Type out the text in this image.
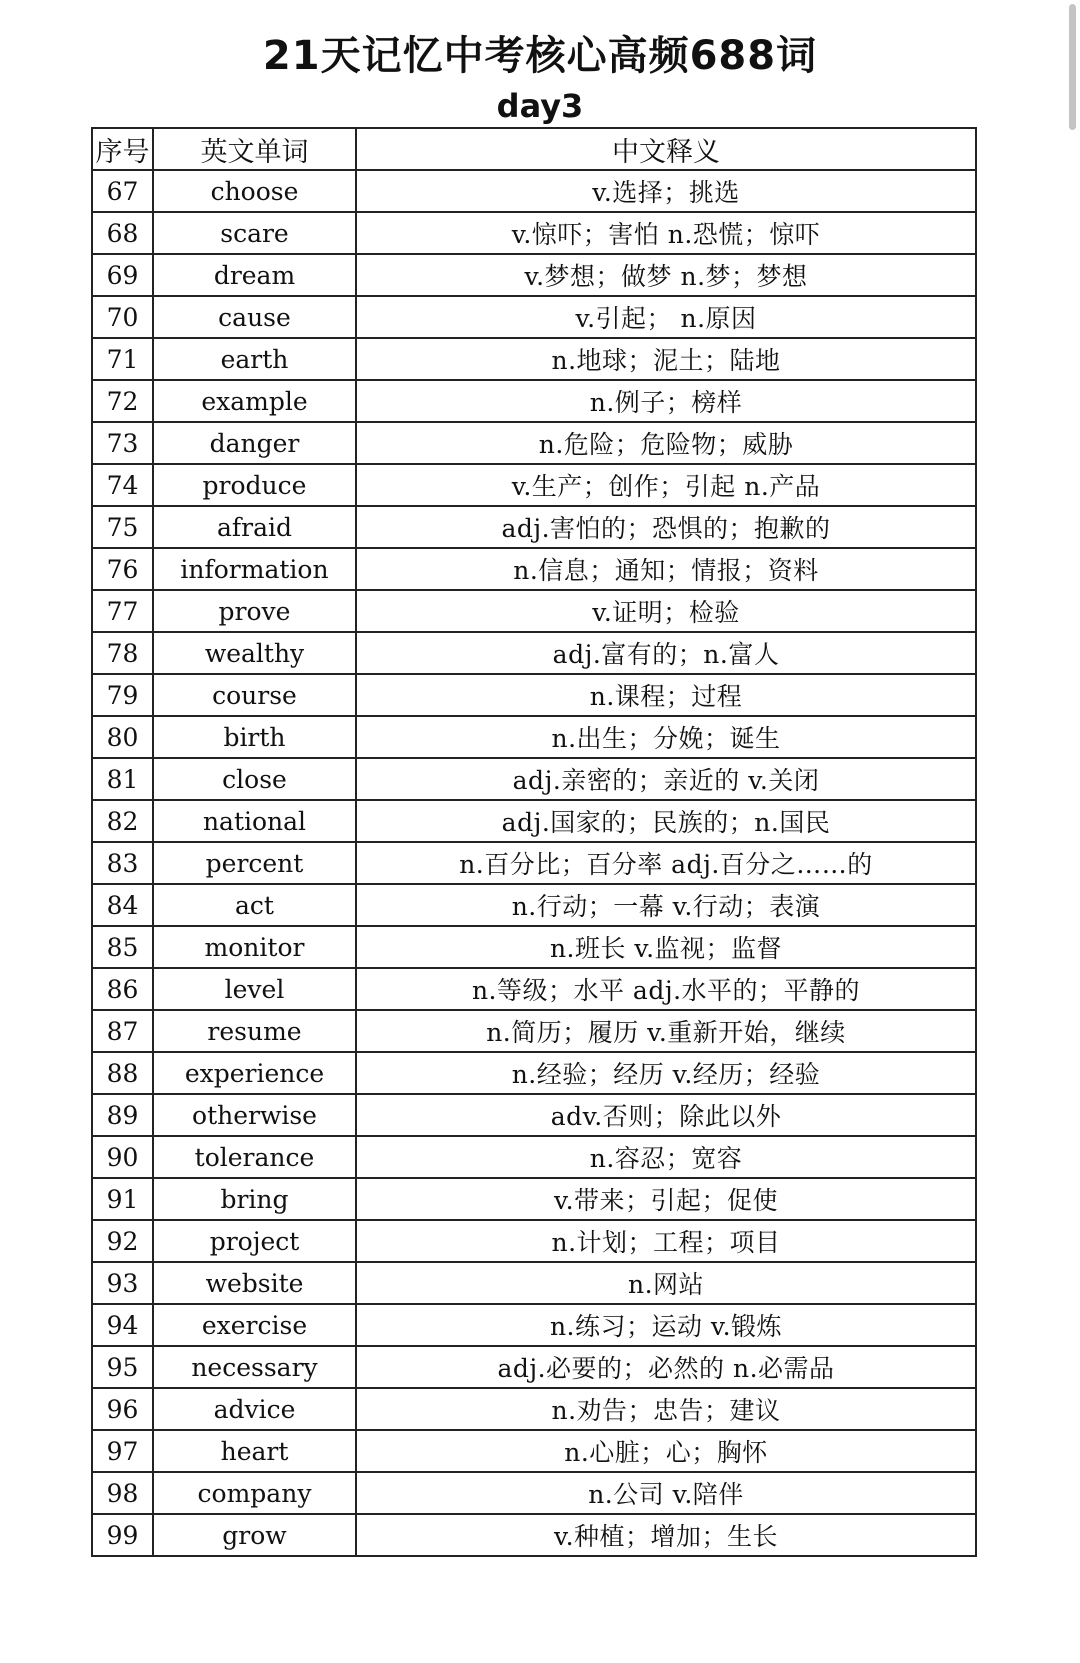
21天记忆中考核心高频688词
day3
序号	英文单词	中文释义
67	choose	v.选择；挑选
68	scare	v.惊吓；害怕 n.恐慌；惊吓
69	dream	v.梦想；做梦 n.梦；梦想
70	cause	v.引起； n.原因
71	earth	n.地球；泥土；陆地
72	example	n.例子；榜样
73	danger	n.危险；危险物；威胁
74	produce	v.生产；创作；引起 n.产品
75	afraid	adj.害怕的；恐惧的；抱歉的
76	information	n.信息；通知；情报；资料
77	prove	v.证明；检验
78	wealthy	adj.富有的；n.富人
79	course	n.课程；过程
80	birth	n.出生；分娩；诞生
81	close	adj.亲密的；亲近的 v.关闭
82	national	adj.国家的；民族的；n.国民
83	percent	n.百分比；百分率 adj.百分之……的
84	act	n.行动；一幕 v.行动；表演
85	monitor	n.班长 v.监视；监督
86	level	n.等级；水平 adj.水平的；平静的
87	resume	n.简历；履历 v.重新开始，继续
88	experience	n.经验；经历 v.经历；经验
89	otherwise	adv.否则；除此以外
90	tolerance	n.容忍；宽容
91	bring	v.带来；引起；促使
92	project	n.计划；工程；项目
93	website	n.网站
94	exercise	n.练习；运动 v.锻炼
95	necessary	adj.必要的；必然的 n.必需品
96	advice	n.劝告；忠告；建议
97	heart	n.心脏；心；胸怀
98	company	n.公司 v.陪伴
99	grow	v.种植；增加；生长
